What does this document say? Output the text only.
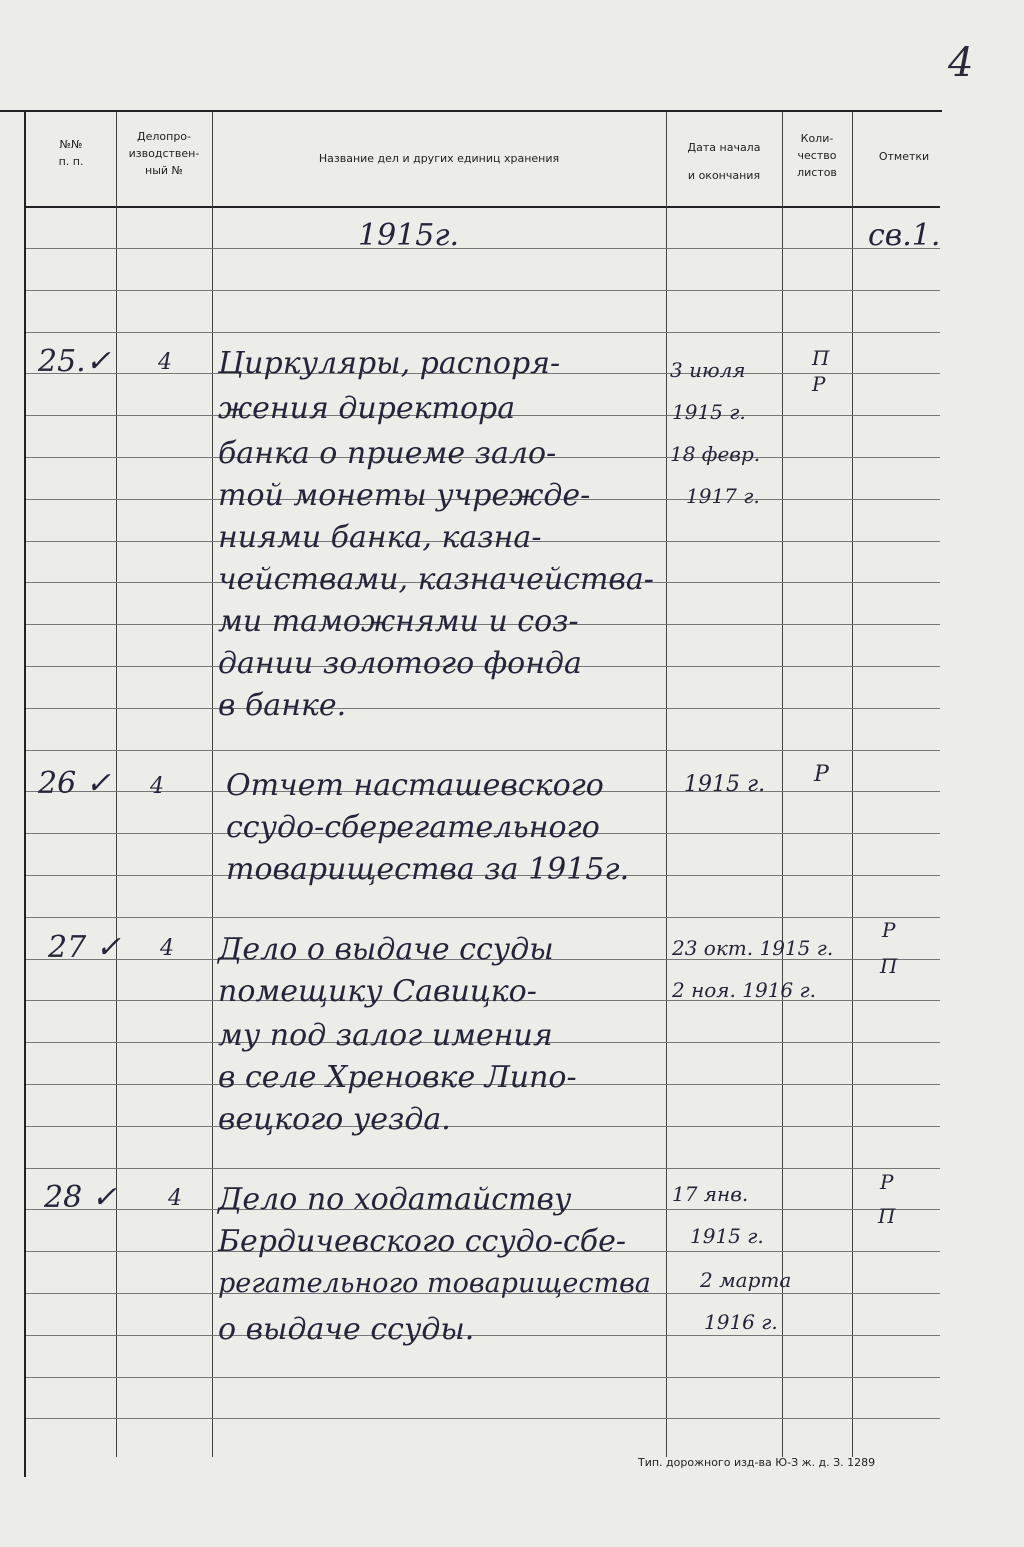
4
№№
п. п.
Делопро-
изводствен-
ный №
Название дел и других единиц хранения
Дата начала
и окончания
Коли-
чество
листов
Отметки
1915г.	св.1.
25.✓ 4 Циркуляры, распоря-
жения директора
банка о приеме зало-
той монеты учрежде-
ниями банка, казна-
чействами, казначейства-
ми таможнями и соз-
дании золотого фонда
в банке.
3 июля
1915 г.
18 февр.
1917 г.
П
Р
26 ✓ 4 Отчет насташевского
ссудо-сберегательного
товарищества за 1915г.
1915 г. Р
27 ✓ 4 Дело о выдаче ссуды
помещику Савицко-
му под залог имения
в селе Хреновке Липо-
вецкого уезда.
23 окт. 1915 г.
2 ноя. 1916 г.
Р
П
28 ✓ 4 Дело по ходатайству
Бердичевского ссудо-сбе-
регательного товарищества
о выдаче ссуды.
17 янв.
1915 г.
2 марта
1916 г.
Р
П
Тип. дорожного изд-ва Ю-З ж. д. З. 1289
